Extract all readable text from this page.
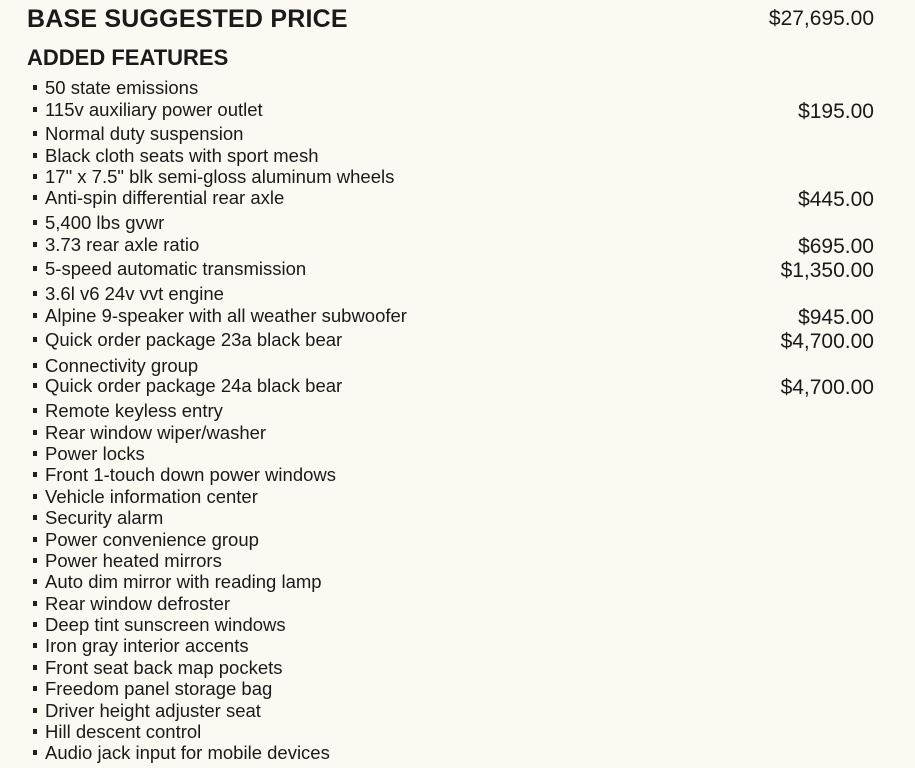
BASE SUGGESTED PRICE	$27,695.00
ADDED FEATURES
50 state emissions
115v auxiliary power outlet	$195.00
Normal duty suspension
Black cloth seats with sport mesh
17" x 7.5" blk semi-gloss aluminum wheels
Anti-spin differential rear axle	$445.00
5,400 lbs gvwr
3.73 rear axle ratio	$695.00
5-speed automatic transmission	$1,350.00
3.6l v6 24v vvt engine
Alpine 9-speaker with all weather subwoofer	$945.00
Quick order package 23a black bear	$4,700.00
Connectivity group
Quick order package 24a black bear	$4,700.00
Remote keyless entry
Rear window wiper/washer
Power locks
Front 1-touch down power windows
Vehicle information center
Security alarm
Power convenience group
Power heated mirrors
Auto dim mirror with reading lamp
Rear window defroster
Deep tint sunscreen windows
Iron gray interior accents
Front seat back map pockets
Freedom panel storage bag
Driver height adjuster seat
Hill descent control
Audio jack input for mobile devices
